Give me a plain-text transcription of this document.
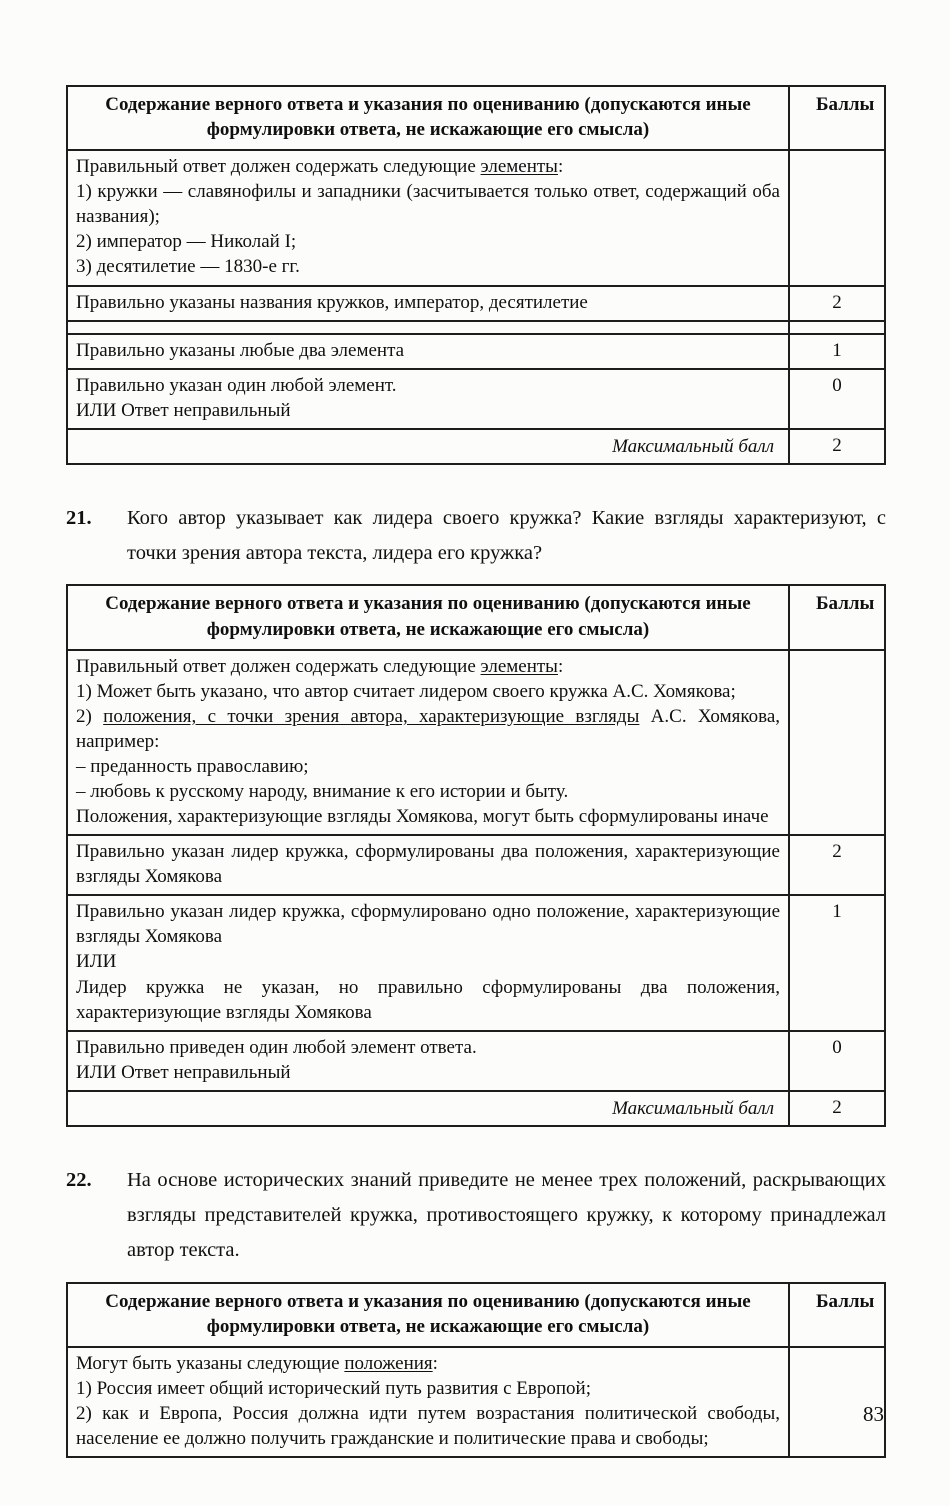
Содержание верного ответа и указания по оцениванию (допускаются иные формулировки ответа, не искажающие его смысла)	Баллы
Правильный ответ должен содержать следующие элементы:
1) кружки — славянофилы и западники (засчитывается только ответ, содержащий оба названия);
2) император — Николай I;
3) десятилетие — 1830-е гг.	
Правильно указаны названия кружков, император, десятилетие	2

Правильно указаны любые два элемента	1
Правильно указан один любой элемент.
ИЛИ Ответ неправильный	0
Максимальный балл	2
21.	Кого автор указывает как лидера своего кружка? Какие взгляды характеризуют, с точки зрения автора текста, лидера его кружка?
Содержание верного ответа и указания по оцениванию (допускаются иные формулировки ответа, не искажающие его смысла)	Баллы
Правильный ответ должен содержать следующие элементы:
1) Может быть указано, что автор считает лидером своего кружка А.С. Хомякова;
2) положения, с точки зрения автора, характеризующие взгляды А.С. Хомякова, например:
– преданность православию;
– любовь к русскому народу, внимание к его истории и быту.
Положения, характеризующие взгляды Хомякова, могут быть сформулированы иначе	
Правильно указан лидер кружка, сформулированы два положения, характеризующие взгляды Хомякова	2
Правильно указан лидер кружка, сформулировано одно положение, характеризующие взгляды Хомякова
ИЛИ
Лидер кружка не указан, но правильно сформулированы два положения, характеризующие взгляды Хомякова	1
Правильно приведен один любой элемент ответа.
ИЛИ Ответ неправильный	0
Максимальный балл	2
22.	На основе исторических знаний приведите не менее трех положений, раскрывающих взгляды представителей кружка, противостоящего кружку, к которому принадлежал автор текста.
Содержание верного ответа и указания по оцениванию (допускаются иные формулировки ответа, не искажающие его смысла)	Баллы
Могут быть указаны следующие положения:
1) Россия имеет общий исторический путь развития с Европой;
2) как и Европа, Россия должна идти путем возрастания политической свободы, население ее должно получить гражданские и политические права и свободы;	
83
